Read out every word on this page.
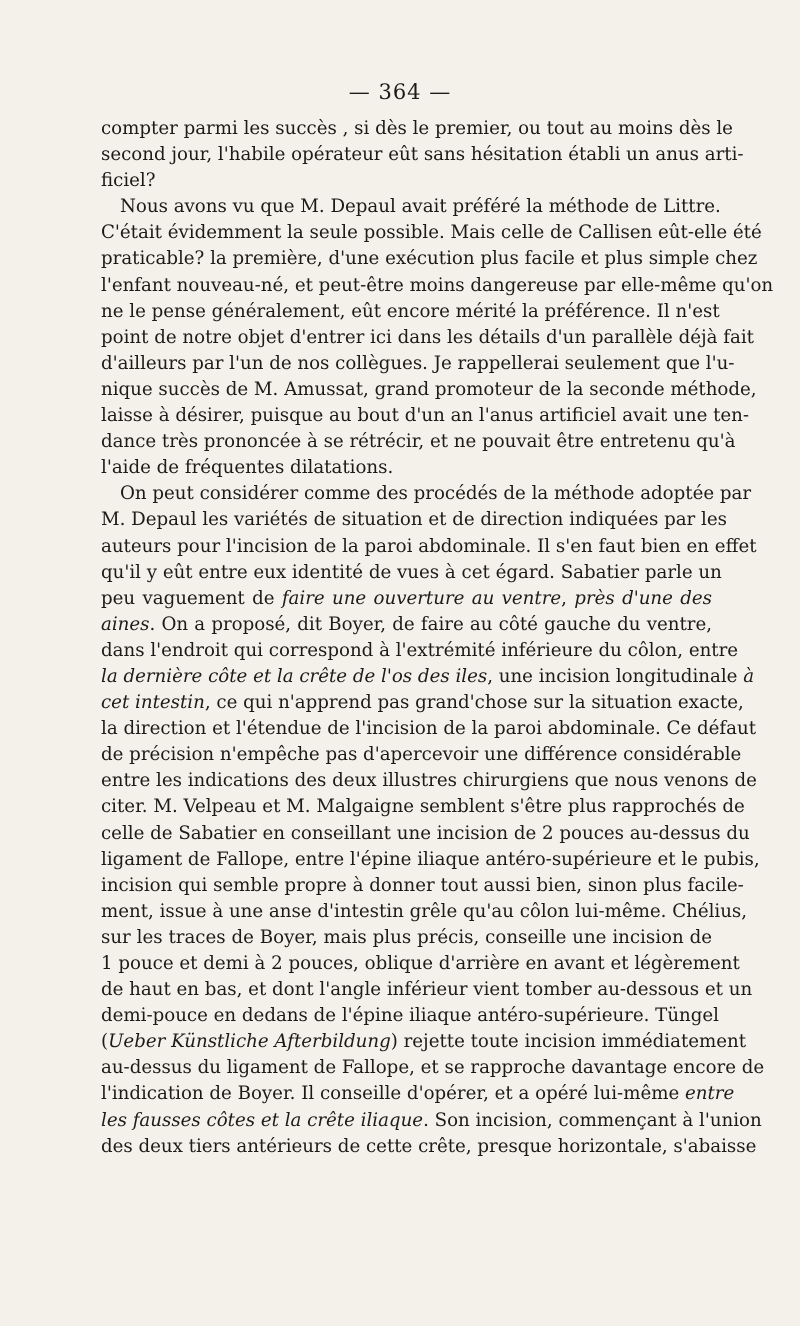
— 364 —
compter parmi les succès , si dès le premier, ou tout au moins dès le
second jour, l'habile opérateur eût sans hésitation établi un anus arti-
ficiel?
Nous avons vu que M. Depaul avait préféré la méthode de Littre.
C'était évidemment la seule possible. Mais celle de Callisen eût-elle été
praticable? la première, d'une exécution plus facile et plus simple chez
l'enfant nouveau-né, et peut-être moins dangereuse par elle-même qu'on
ne le pense généralement, eût encore mérité la préférence. Il n'est
point de notre objet d'entrer ici dans les détails d'un parallèle déjà fait
d'ailleurs par l'un de nos collègues. Je rappellerai seulement que l'u-
nique succès de M. Amussat, grand promoteur de la seconde méthode,
laisse à désirer, puisque au bout d'un an l'anus artificiel avait une ten-
dance très prononcée à se rétrécir, et ne pouvait être entretenu qu'à
l'aide de fréquentes dilatations.
On peut considérer comme des procédés de la méthode adoptée par
M. Depaul les variétés de situation et de direction indiquées par les
auteurs pour l'incision de la paroi abdominale. Il s'en faut bien en effet
qu'il y eût entre eux identité de vues à cet égard. Sabatier parle un
peu vaguement de faire une ouverture au ventre, près d'une des
aines. On a proposé, dit Boyer, de faire au côté gauche du ventre,
dans l'endroit qui correspond à l'extrémité inférieure du côlon, entre
la dernière côte et la crête de l'os des iles, une incision longitudinale à
cet intestin, ce qui n'apprend pas grand'chose sur la situation exacte,
la direction et l'étendue de l'incision de la paroi abdominale. Ce défaut
de précision n'empêche pas d'apercevoir une différence considérable
entre les indications des deux illustres chirurgiens que nous venons de
citer. M. Velpeau et M. Malgaigne semblent s'être plus rapprochés de
celle de Sabatier en conseillant une incision de 2 pouces au-dessus du
ligament de Fallope, entre l'épine iliaque antéro-supérieure et le pubis,
incision qui semble propre à donner tout aussi bien, sinon plus facile-
ment, issue à une anse d'intestin grêle qu'au côlon lui-même. Chélius,
sur les traces de Boyer, mais plus précis, conseille une incision de
1 pouce et demi à 2 pouces, oblique d'arrière en avant et légèrement
de haut en bas, et dont l'angle inférieur vient tomber au-dessous et un
demi-pouce en dedans de l'épine iliaque antéro-supérieure. Tüngel
(Ueber Künstliche Afterbildung) rejette toute incision immédiatement
au-dessus du ligament de Fallope, et se rapproche davantage encore de
l'indication de Boyer. Il conseille d'opérer, et a opéré lui-même entre
les fausses côtes et la crête iliaque. Son incision, commençant à l'union
des deux tiers antérieurs de cette crête, presque horizontale, s'abaisse
